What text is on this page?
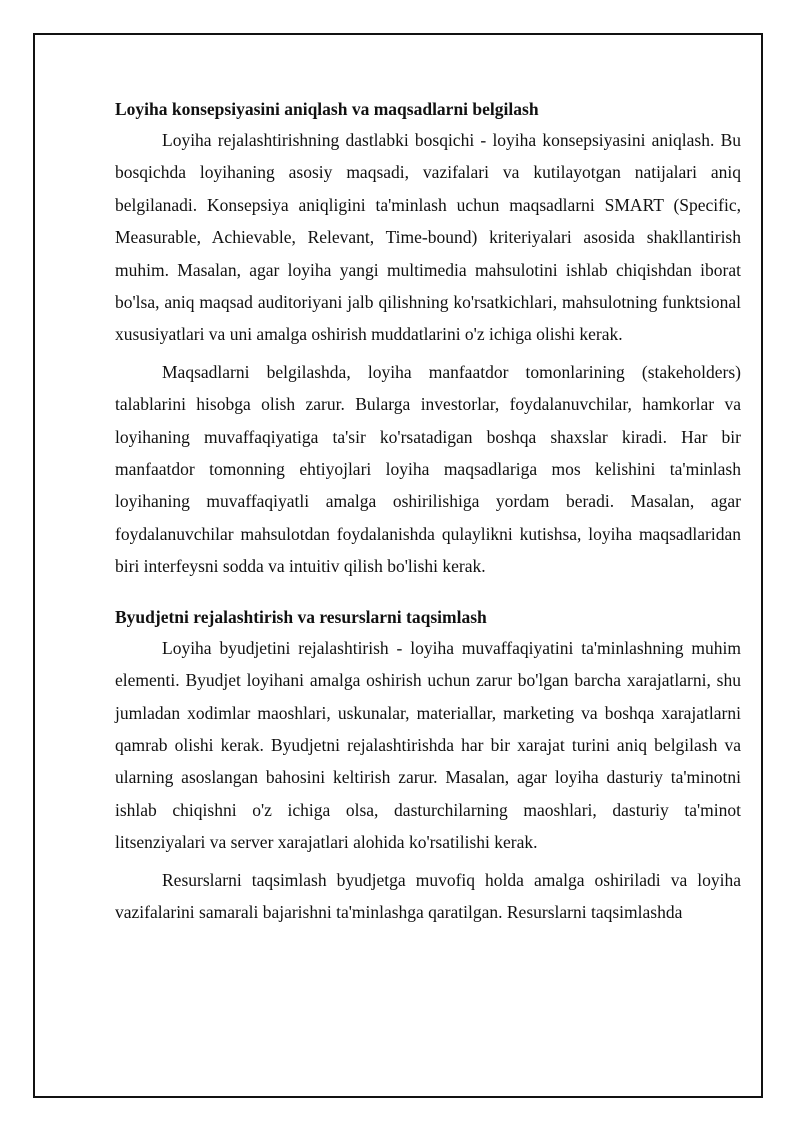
Loyiha konsepsiyasini aniqlash va maqsadlarni belgilash

Loyiha rejalashtirishning dastlabki bosqichi - loyiha konsepsiyasini aniqlash. Bu bosqichda loyihaning asosiy maqsadi, vazifalari va kutilayotgan natijalari aniq belgilanadi. Konsepsiya aniqligini ta'minlash uchun maqsadlarni SMART (Specific, Measurable, Achievable, Relevant, Time-bound) kriteriyalari asosida shakllantirish muhim. Masalan, agar loyiha yangi multimedia mahsulotini ishlab chiqishdan iborat bo'lsa, aniq maqsad auditoriyani jalb qilishning ko'rsatkichlari, mahsulotning funktsional xususiyatlari va uni amalga oshirish muddatlarini o'z ichiga olishi kerak.

Maqsadlarni belgilashda, loyiha manfaatdor tomonlarining (stakeholders) talablarini hisobga olish zarur. Bularga investorlar, foydalanuvchilar, hamkorlar va loyihaning muvaffaqiyatiga ta'sir ko'rsatadigan boshqa shaxslar kiradi. Har bir manfaatdor tomonning ehtiyojlari loyiha maqsadlariga mos kelishini ta'minlash loyihaning muvaffaqiyatli amalga oshirilishiga yordam beradi. Masalan, agar foydalanuvchilar mahsulotdan foydalanishda qulaylikni kutishsa, loyiha maqsadlaridan biri interfeysni sodda va intuitiv qilish bo'lishi kerak.

Byudjetni rejalashtirish va resurslarni taqsimlash

Loyiha byudjetini rejalashtirish - loyiha muvaffaqiyatini ta'minlashning muhim elementi. Byudjet loyihani amalga oshirish uchun zarur bo'lgan barcha xarajatlarni, shu jumladan xodimlar maoshlari, uskunalar, materiallar, marketing va boshqa xarajatlarni qamrab olishi kerak. Byudjetni rejalashtirishda har bir xarajat turini aniq belgilash va ularning asoslangan bahosini keltirish zarur. Masalan, agar loyiha dasturiy ta'minotni ishlab chiqishni o'z ichiga olsa, dasturchilarning maoshlari, dasturiy ta'minot litsenziyalari va server xarajatlari alohida ko'rsatilishi kerak.

Resurslarni taqsimlash byudjetga muvofiq holda amalga oshiriladi va loyiha vazifalarini samarali bajarishni ta'minlashga qaratilgan. Resurslarni taqsimlashda
